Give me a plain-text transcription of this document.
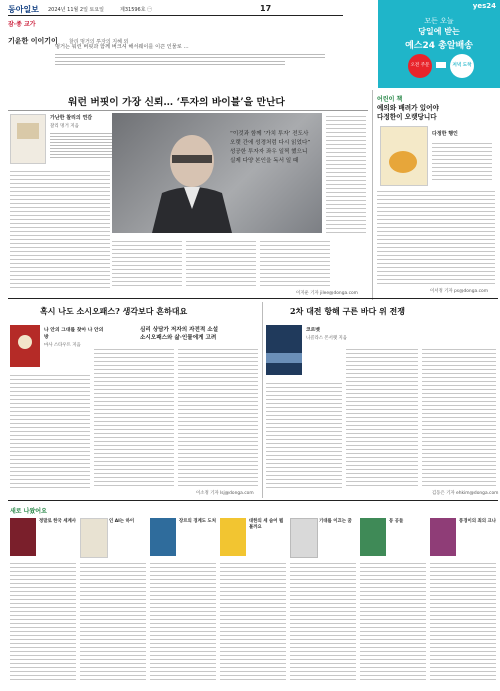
동아일보 2024년 11월 2일 토요일	제31596호 ㊀	17	yes24
모든 오늘
당일에 받는
예스24 총알배송
오전 주문	저녁 도착
잠·종 교가
기윤한 이이기이 찰리 멍거의 투자의 지혜 외
멍거는 워런 버핏과 함께 버크셔 해서웨이를 이끈 인물로 …
워런 버핏이 가장 신뢰… ‘투자의 바이블’을 만난다
가난한 찰리의 연감
찰리 멍거 지음
“이것과 함께 ‘가치 투자’ 전도사
오랫 간에 성경처럼 다시 읽었다”
성공한 투자자 좌우 일찍 했으니
실제 다양 본인을 독서 일 때
이지운 기자 jilee@donga.com
어린이 책
예의와 배려가 있어야
다정한이 오랫당니다
다정한 행인
이서정 기자 ps@donga.com
혹시 나도 소시오패스? 생각보다 흔하대요
나 안의 그대를 찾아 나 안의 방
마사 스타우트 지음
심리 상담가 저자의 자전적 소설
소시오패스와 삶·인물에게 고려
이소정 기자 lsj@donga.com
2차 대전 항해 구른 바다 위 전쟁
코르벳
니콜라스 몬서랫 지음
김동은 기자 ehkim@donga.com
새로 나왔어요
정말로 한국 세계사	인 AI는 하이	장르의 경계도 도처	대한의 세 숨어 뭘 볼까요
기대를 이끄는 꿈	뭉 공들	풍경이의 죄의 크나
